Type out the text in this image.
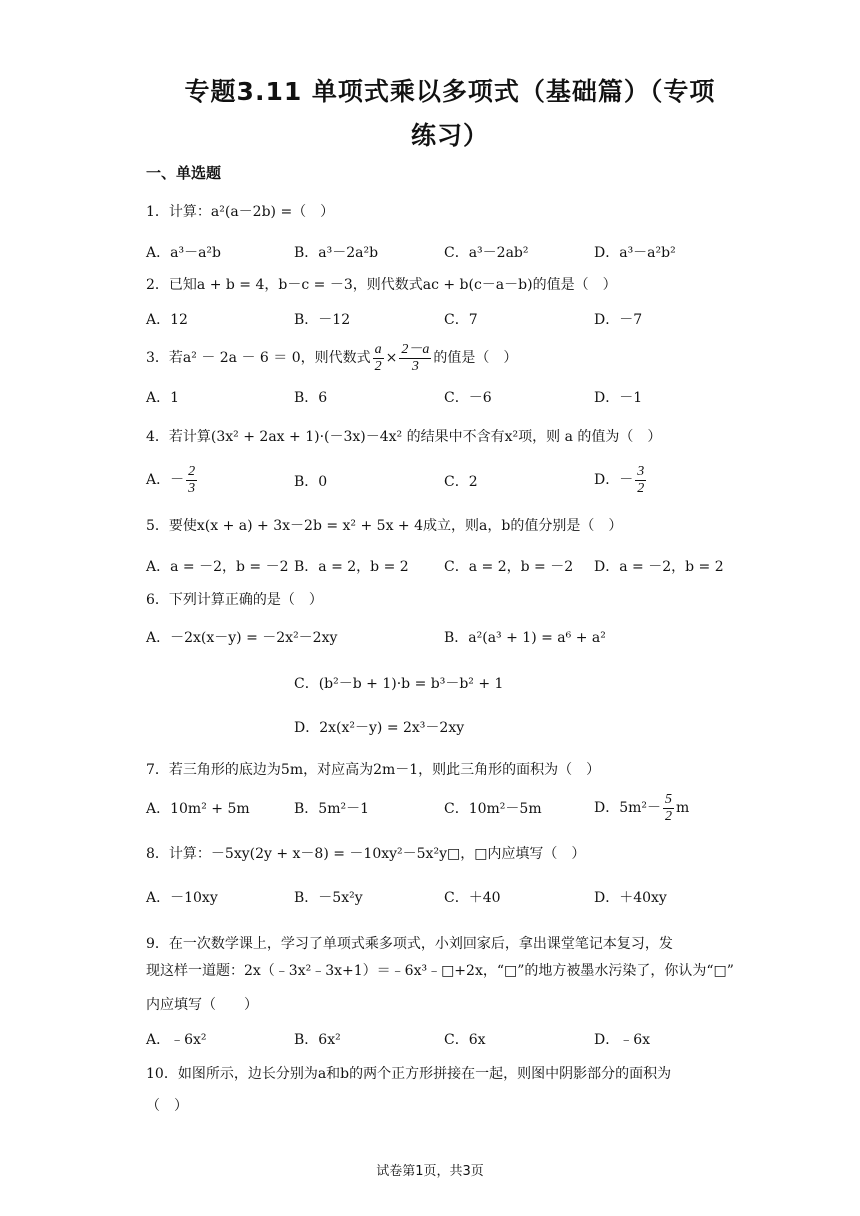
专题3.11 单项式乘以多项式（基础篇）（专项
练习）
一、单选题
1．计算：a²(a－2b) =（　）
A．a³－a²b	B．a³－2a²b	C．a³－2ab²	D．a³－a²b²
2．已知a + b = 4，b－c = －3，则代数式ac + b(c－a－b)的值是（　）
A．12	B．－12	C．7	D．－7
3．若a² － 2a － 6 ＝ 0，则代数式 $\frac{a}{2} \times \frac{2-a}{3}$ 的值是（　）
A．1	B．6	C．－6	D．－1
4．若计算(3x² + 2ax + 1)·(－3x)－4x² 的结果中不含有x²项，则 a 的值为（　）
A．－ $\frac{2}{3}$	B．0	C．2	D．－ $\frac{3}{2}$
5．要使x(x + a) + 3x－2b = x² + 5x + 4成立，则a，b的值分别是（　）
A．a = －2，b = －2 B．a = 2，b = 2	C．a = 2，b = －2 D．a = －2，b = 2
6．下列计算正确的是（　）
A．－2x(x－y) = －2x²－2xy	B．a²(a³ + 1) = a⁶ + a²
C．(b²－b + 1)·b = b³－b² + 1
D．2x(x²－y) = 2x³－2xy
7．若三角形的底边为5m，对应高为2m－1，则此三角形的面积为（　）
A．10m² + 5m	B．5m²－1	C．10m²－5m	D．$5m^2- \frac{5}{2}$ m
8．计算：－5xy(2y + x－8) = －10xy²－5x²y□，□内应填写（　）
A．－10xy	B．－5x²y	C．＋40	D．＋40xy
9．在一次数学课上，学习了单项式乘多项式，小刘回家后，拿出课堂笔记本复习，发
现这样一道题：2x（﹣3x²﹣3x+1）＝﹣6x³﹣□+2x，“□”的地方被墨水污染了，你认为“□”
内应填写（　　）
A．﹣6x²	B．6x²	C．6x	D．﹣6x
10．如图所示，边长分别为a和b的两个正方形拼接在一起，则图中阴影部分的面积为
（　）
试卷第1页，共3页
